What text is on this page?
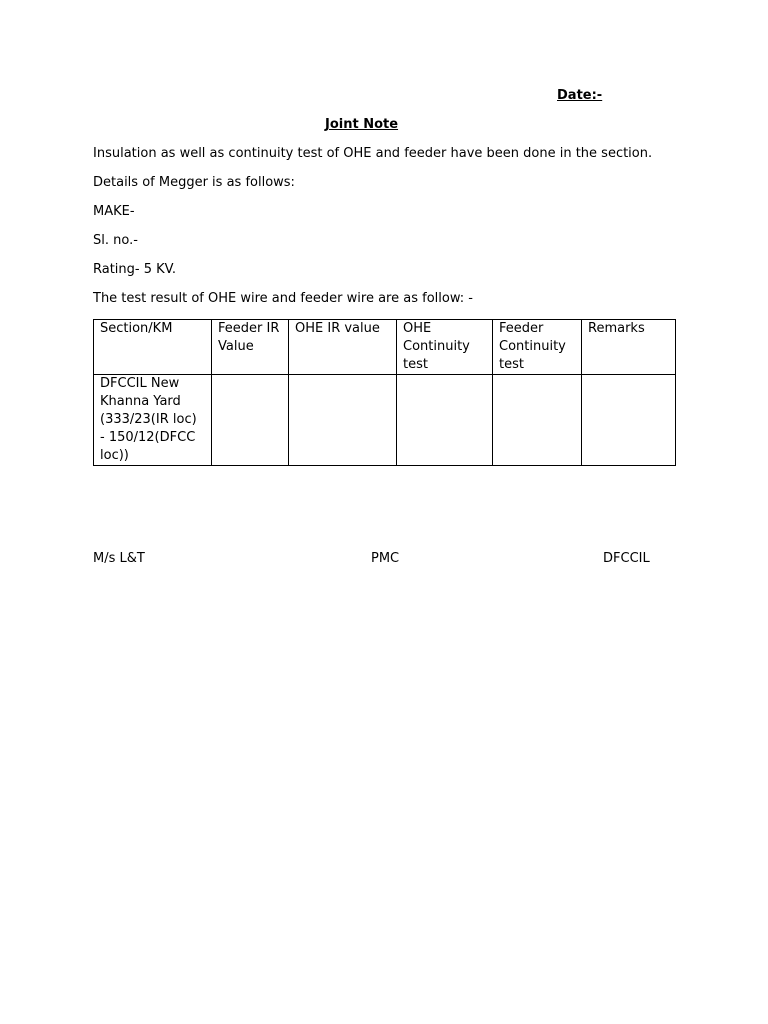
Date:-
Joint Note
Insulation as well as continuity test of OHE and feeder have been done in the section.
Details of Megger is as follows:
MAKE-
Sl. no.-
Rating- 5 KV.
The test result of OHE wire and feeder wire are as follow: -
Section/KM	Feeder IR Value	OHE IR value	OHE Continuity test	Feeder Continuity test	Remarks
DFCCIL New Khanna Yard (333/23(IR loc) - 150/12(DFCC loc))					
M/s L&T	PMC	DFCCIL
